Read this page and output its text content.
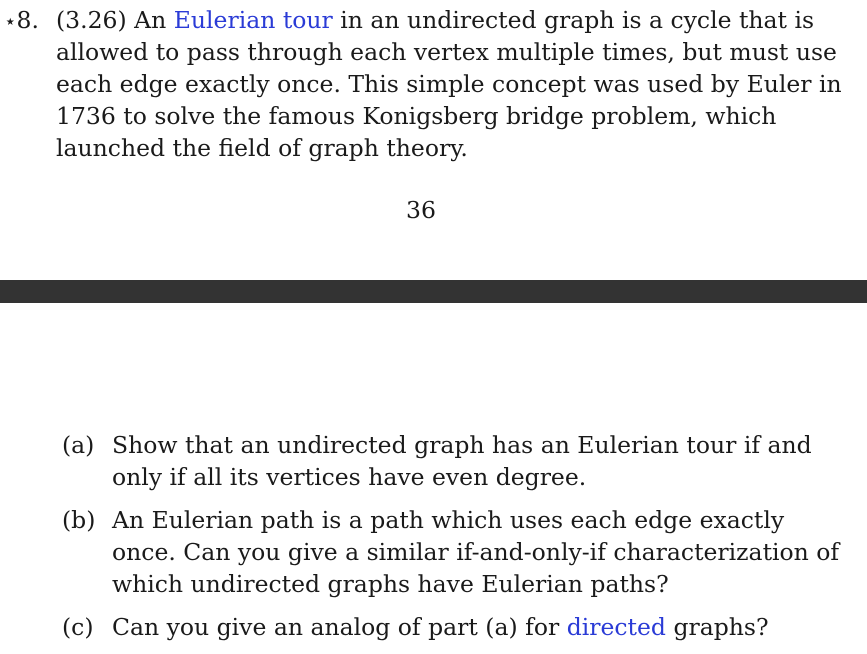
⋆8. (3.26) An Eulerian tour in an undirected graph is a cycle that is allowed to pass through each vertex multiple times, but must use each edge exactly once. This simple concept was used by Euler in 1736 to solve the famous Konigsberg bridge problem, which launched the field of graph theory.
36
(a) Show that an undirected graph has an Eulerian tour if and only if all its vertices have even degree.
(b) An Eulerian path is a path which uses each edge exactly once. Can you give a similar if-and-only-if characterization of which undirected graphs have Eulerian paths?
(c) Can you give an analog of part (a) for directed graphs?
